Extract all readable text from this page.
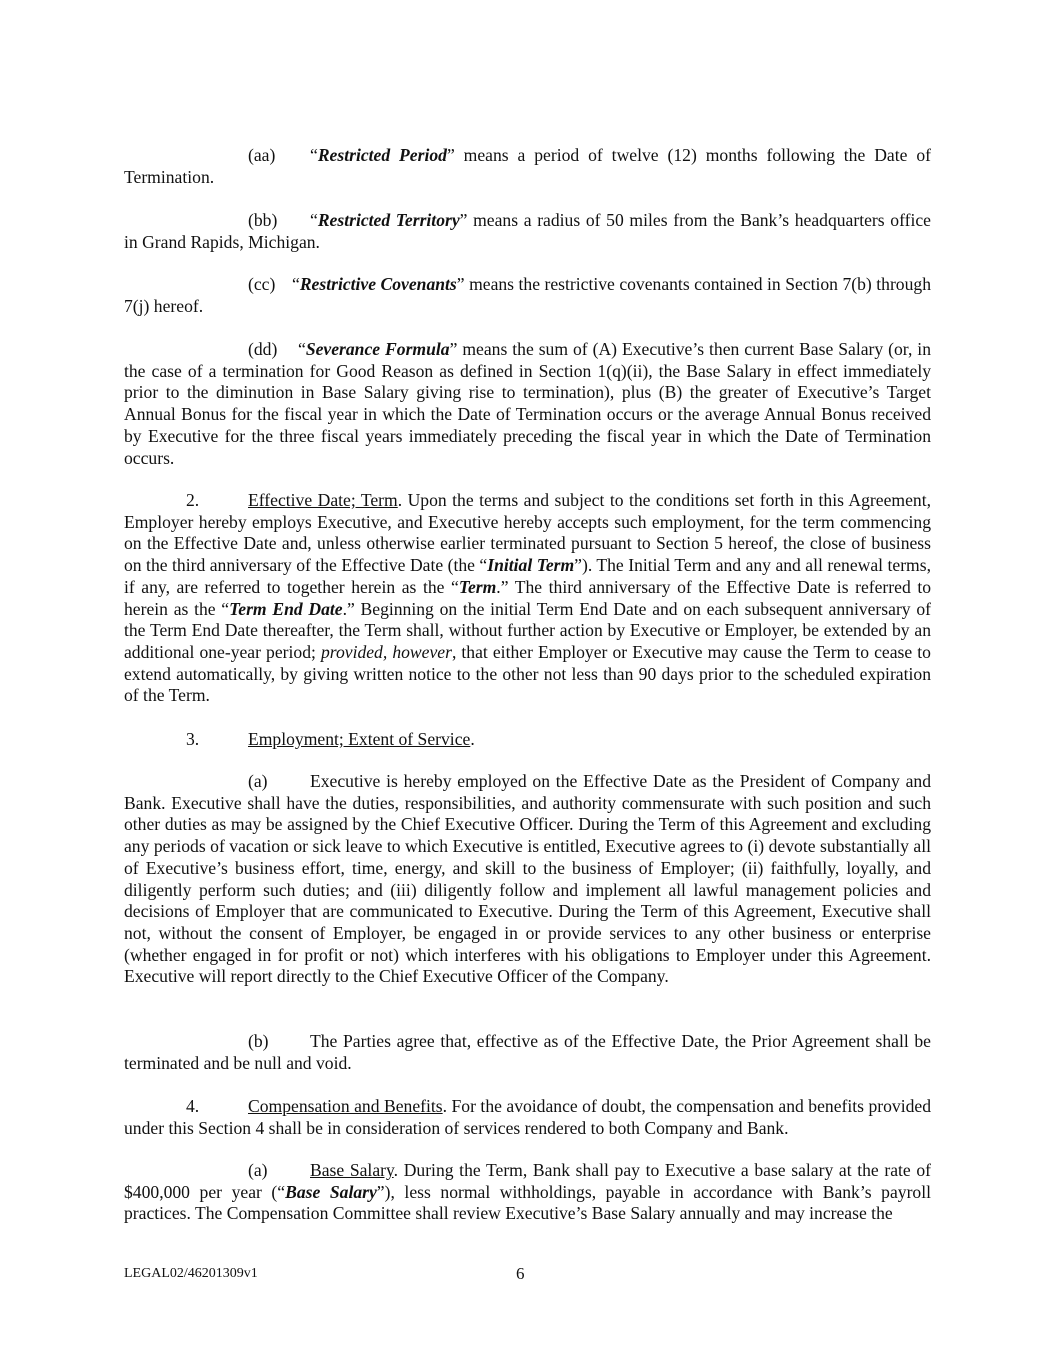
(aa) “Restricted Period” means a period of twelve (12) months following the Date of Termination.

(bb) “Restricted Territory” means a radius of 50 miles from the Bank’s headquarters office in Grand Rapids, Michigan.

(cc) “Restrictive Covenants” means the restrictive covenants contained in Section 7(b) through 7(j) hereof.

(dd) “Severance Formula” means the sum of (A) Executive’s then current Base Salary (or, in the case of a termination for Good Reason as defined in Section 1(q)(ii), the Base Salary in effect immediately prior to the diminution in Base Salary giving rise to termination), plus (B) the greater of Executive’s Target Annual Bonus for the fiscal year in which the Date of Termination occurs or the average Annual Bonus received by Executive for the three fiscal years immediately preceding the fiscal year in which the Date of Termination occurs.

2.	Effective Date; Term. Upon the terms and subject to the conditions set forth in this Agreement, Employer hereby employs Executive, and Executive hereby accepts such employment, for the term commencing on the Effective Date and, unless otherwise earlier terminated pursuant to Section 5 hereof, the close of business on the third anniversary of the Effective Date (the “Initial Term”). The Initial Term and any and all renewal terms, if any, are referred to together herein as the “Term.” The third anniversary of the Effective Date is referred to herein as the “Term End Date.” Beginning on the initial Term End Date and on each subsequent anniversary of the Term End Date thereafter, the Term shall, without further action by Executive or Employer, be extended by an additional one-year period; provided, however, that either Employer or Executive may cause the Term to cease to extend automatically, by giving written notice to the other not less than 90 days prior to the scheduled expiration of the Term.

3.	Employment; Extent of Service.

(a) Executive is hereby employed on the Effective Date as the President of Company and Bank. Executive shall have the duties, responsibilities, and authority commensurate with such position and such other duties as may be assigned by the Chief Executive Officer. During the Term of this Agreement and excluding any periods of vacation or sick leave to which Executive is entitled, Executive agrees to (i) devote substantially all of Executive’s business effort, time, energy, and skill to the business of Employer; (ii) faithfully, loyally, and diligently perform such duties; and (iii) diligently follow and implement all lawful management policies and decisions of Employer that are communicated to Executive. During the Term of this Agreement, Executive shall not, without the consent of Employer, be engaged in or provide services to any other business or enterprise (whether engaged in for profit or not) which interferes with his obligations to Employer under this Agreement. Executive will report directly to the Chief Executive Officer of the Company.

(b) The Parties agree that, effective as of the Effective Date, the Prior Agreement shall be terminated and be null and void.

4.	Compensation and Benefits. For the avoidance of doubt, the compensation and benefits provided under this Section 4 shall be in consideration of services rendered to both Company and Bank.

(a) Base Salary. During the Term, Bank shall pay to Executive a base salary at the rate of $400,000 per year (“Base Salary”), less normal withholdings, payable in accordance with Bank’s payroll practices. The Compensation Committee shall review Executive’s Base Salary annually and may increase the

LEGAL02/46201309v1	6
